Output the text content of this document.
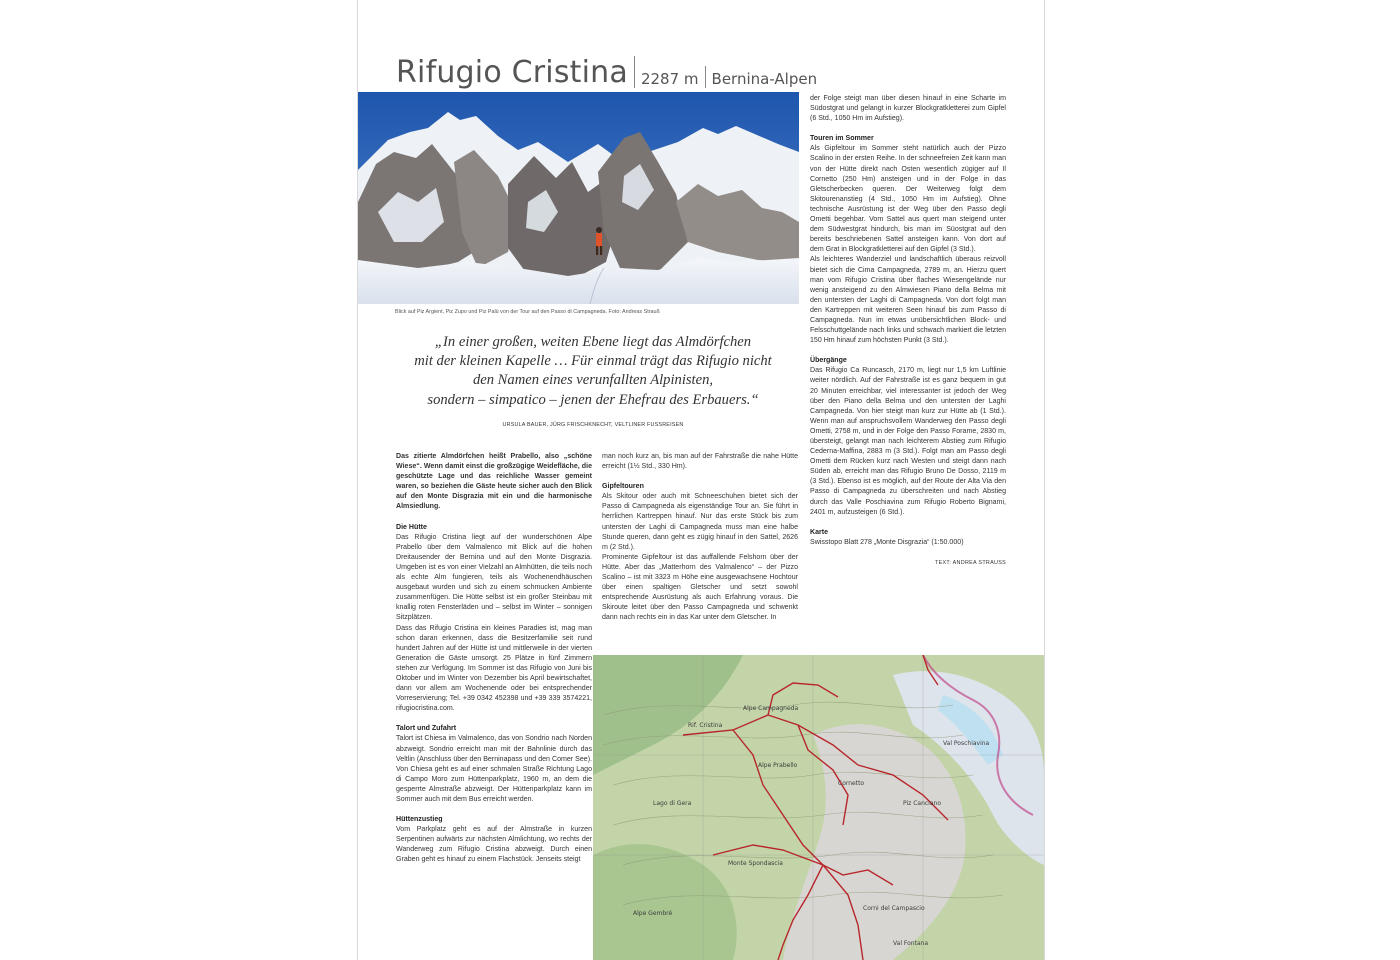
Rifugio Cristina 2287 m Bernina-Alpen
Blick auf Piz Argient, Piz Zupo und Piz Palü von der Tour auf den Passo di Campagneda. Foto: Andreas Strauß

„In einer großen, weiten Ebene liegt das Almdörfchen

mit der kleinen Kapelle … Für einmal trägt das Rifugio nicht

den Namen eines verunfallten Alpinisten,

sondern – simpatico – jenen der Ehefrau des Erbauers.“

URSULA BAUER, JÜRG FRISCHKNECHT, VELTLINER FUSSREISEN

Das zitierte Almdörfchen heißt Prabello, also „schöne Wiese“. Wenn damit einst die großzügige Weidefläche, die geschützte Lage und das reichliche Wasser gemeint waren, so beziehen die Gäste heute sicher auch den Blick auf den Monte Disgrazia mit ein und die harmonische Almsiedlung.

Die Hütte

Das Rifugio Cristina liegt auf der wunderschönen Alpe Prabello über dem Valmalenco mit Blick auf die hohen Dreitausender der Bernina und auf den Monte Disgrazia. Umgeben ist es von einer Vielzahl an Almhütten, die teils noch als echte Alm fungieren, teils als Wochenendhäuschen ausgebaut wurden und sich zu einem schmucken Ambiente zusammenfügen. Die Hütte selbst ist ein großer Steinbau mit knallig roten Fensterläden und – selbst im Winter – sonnigen Sitzplätzen.

Dass das Rifugio Cristina ein kleines Paradies ist, mag man schon daran erkennen, dass die Besitzerfamilie seit rund hundert Jahren auf der Hütte ist und mittlerweile in der vierten Generation die Gäste umsorgt. 25 Plätze in fünf Zimmern stehen zur Verfügung. Im Sommer ist das Rifugio von Juni bis Oktober und im Winter von Dezember bis April bewirtschaftet, dann vor allem am Wochenende oder bei entsprechender Vorreservierung; Tel. +39 0342 452398 und +39 339 3574221, rifugiocristina.com.

Talort und Zufahrt

Talort ist Chiesa im Valmalenco, das von Sondrio nach Norden abzweigt. Sondrio erreicht man mit der Bahnlinie durch das Veltlin (Anschluss über den Berninapass und den Comer See). Von Chiesa geht es auf einer schmalen Straße Richtung Lago di Campo Moro zum Hüttenparkplatz, 1960 m, an dem die gesperrte Almstraße abzweigt. Der Hüttenparkplatz kann im Sommer auch mit dem Bus erreicht werden.

Hüttenzustieg

Vom Parkplatz geht es auf der Almstraße in kurzen Serpentinen aufwärts zur nächsten Almlichtung, wo rechts der Wanderweg zum Rifugio Cristina abzweigt. Durch einen Graben geht es hinauf zu einem Flachstück. Jenseits steigt

man noch kurz an, bis man auf der Fahrstraße die nahe Hütte erreicht (1½ Std., 330 Hm).

Gipfeltouren

Als Skitour oder auch mit Schneeschuhen bietet sich der Passo di Campagneda als eigenständige Tour an. Sie führt in herrlichen Kartreppen hinauf. Nur das erste Stück bis zum untersten der Laghi di Campagneda muss man eine halbe Stunde queren, dann geht es zügig hinauf in den Sattel, 2626 m (2 Std.).

Prominente Gipfeltour ist das auffallende Felshorn über der Hütte. Aber das „Matterhorn des Valmalenco“ – der Pizzo Scalino – ist mit 3323 m Höhe eine ausgewachsene Hochtour über einen spaltigen Gletscher und setzt sowohl entsprechende Ausrüstung als auch Erfahrung voraus. Die Skiroute leitet über den Passo Campagneda und schwenkt dann nach rechts ein in das Kar unter dem Gletscher. In

der Folge steigt man über diesen hinauf in eine Scharte im Südostgrat und gelangt in kurzer Blockgratkletterei zum Gipfel (6 Std., 1050 Hm im Aufstieg).

Touren im Sommer

Als Gipfeltour im Sommer steht natürlich auch der Pizzo Scalino in der ersten Reihe. In der schneefreien Zeit kann man von der Hütte direkt nach Osten wesentlich zügiger auf Il Cornetto (250 Hm) ansteigen und in der Folge in das Gletscherbecken queren. Der Weiterweg folgt dem Skitourenanstieg (4 Std., 1050 Hm im Aufstieg). Ohne technische Ausrüstung ist der Weg über den Passo degli Ometti begehbar. Vom Sattel aus quert man steigend unter dem Südwestgrat hindurch, bis man im Süostgrat auf den bereits beschriebenen Sattel ansteigen kann. Von dort auf dem Grat in Blockgratkletterei auf den Gipfel (3 Std.).

Als leichteres Wanderziel und landschaftlich überaus reizvoll bietet sich die Cima Campagneda, 2789 m, an. Hierzu quert man vom Rifugio Cristina über flaches Wiesengelände nur wenig ansteigend zu den Almwiesen Piano della Belma mit den untersten der Laghi di Campagneda. Von dort folgt man den Kartreppen mit weiteren Seen hinauf bis zum Passo di Campagneda. Nun im etwas unübersichtlichen Block- und Felsschuttgelände nach links und schwach markiert die letzten 150 Hm hinauf zum höchsten Punkt (3 Std.).

Übergänge

Das Rifugio Ca Runcasch, 2170 m, liegt nur 1,5 km Luftlinie weiter nördlich. Auf der Fahrstraße ist es ganz bequem in gut 20 Minuten erreichbar, viel interessanter ist jedoch der Weg über den Piano della Belma und den untersten der Laghi Campagneda. Von hier steigt man kurz zur Hütte ab (1 Std.). Wenn man auf anspruchsvollem Wanderweg den Passo degli Ometti, 2758 m, und in der Folge den Passo Forame, 2830 m, übersteigt, gelangt man nach leichterem Abstieg zum Rifugio Cederna-Maffina, 2883 m (3 Std.). Folgt man am Passo degli Ometti dem Rücken kurz nach Westen und steigt dann nach Süden ab, erreicht man das Rifugio Bruno De Dosso, 2119 m (3 Std.). Ebenso ist es möglich, auf der Route der Alta Via den Passo di Campagneda zu überschreiten und nach Abstieg durch das Valle Poschiavina zum Rifugio Roberto Bignami, 2401 m, aufzusteigen (6 Std.).

Karte

Swisstopo Blatt 278 „Monte Disgrazia“ (1:50.000)

TEXT: ANDREA STRAUSS

Alpe Campagneda
Rif. Cristina
Alpe Prabello
Cornetto
Piz Canciano
Val Poschiavina
Monte Spondascia
Corni del Campascio
Alpe Gembré
Val Fontana
Lago di Gera
